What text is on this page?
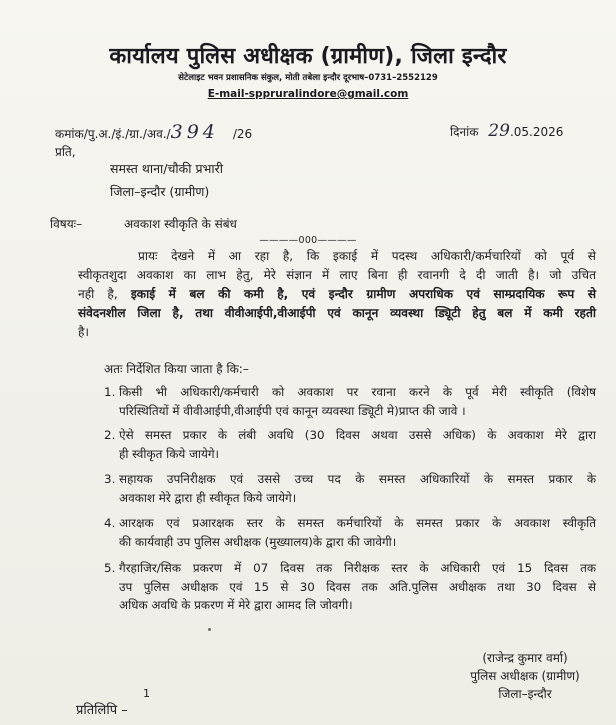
कार्यालय पुलिस अधीक्षक (ग्रामीण), जिला इन्दौर
सेटेलाइट भवन प्रशासनिक संकुल, मोती तबेला इन्दौर दूरभाष–0731–2552129
E-mail-sppruralindore@gmail.com
कमांक/पु.अ./इं./ग्रा./अव./394 /26	दिनांक 29.05.2026
प्रति,
समस्त थाना/चौकी प्रभारी
जिला–इन्दौर (ग्रामीण)
विषयः–	अवकाश स्वीकृति के संबंध
————000————
प्रायः देखने में आ रहा है, कि इकाई में पदस्थ अधिकारी/कर्मचारियों को पूर्व से
स्वीकृतशुदा अवकाश का लाभ हेतु, मेरे संज्ञान में लाए बिना ही रवानगी दे दी जाती है। जो उचित
नही है, इकाई में बल की कमी है, एवं इन्दौर ग्रामीण अपराधिक एवं साम्प्रदायिक रूप से
संवेदनशील जिला है, तथा वीवीआईपी,वीआईपी एवं कानून व्यवस्था ड्यिूटी हेतु बल में कमी रहती
है।
अतः निर्देशित किया जाता है कि:–
1. किसी भी अधिकारी/कर्मचारी को अवकाश पर रवाना करने के पूर्व मेरी स्वीकृति (विशेष
परिस्थितियों में वीवीआईपी,वीआईपी एवं कानून व्यवस्था ड्यिूटी मे)प्राप्त की जावे ।
2. ऐसे समस्त प्रकार के लंबी अवधि (30 दिवस अथवा उससे अधिक) के अवकाश मेरे द्वारा
ही स्वीकृत किये जायेगे।
3. सहायक उपनिरीक्षक एवं उससे उच्च पद के समस्त अधिकारियों के समस्त प्रकार के
अवकाश मेरे द्वारा ही स्वीकृत किये जायेगे।
4. आरक्षक एवं प्रआरक्षक स्तर के समस्त कर्मचारियों के समस्त प्रकार के अवकाश स्वीकृति
की कार्यवाही उप पुलिस अधीक्षक (मुख्यालय)के द्वारा की जावेगी।
5. गैरहाजिर/सिक प्रकरण में 07 दिवस तक निरीक्षक स्तर के अधिकारी एवं 15 दिवस तक
उप पुलिस अधीक्षक एवं 15 से 30 दिवस तक अति.पुलिस अधीक्षक तथा 30 दिवस से
अधिक अवधि के प्रकरण में मेरे द्वारा आमद लि जोवगी।
(राजेन्द्र कुमार वर्मा)
पुलिस अधीक्षक (ग्रामीण)
जिला–इन्दौर
1
प्रतिलिपि –
